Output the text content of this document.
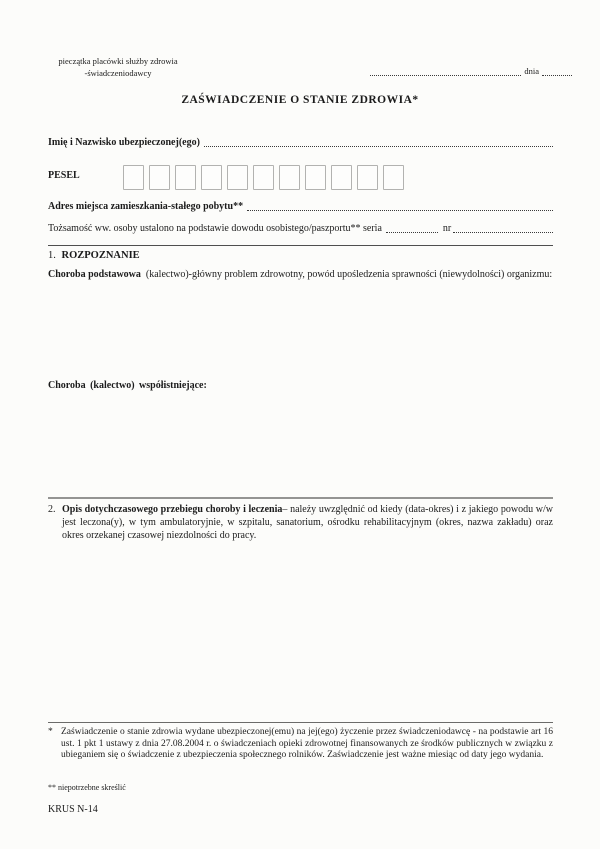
pieczątka placówki służby zdrowia
-świadczeniodawcy	dnia
ZAŚWIADCZENIE O STANIE ZDROWIA*
Imię i Nazwisko ubezpieczonej(ego)
PESEL
Adres miejsca zamieszkania-stałego pobytu**
Tożsamość ww. osoby ustalono na podstawie dowodu osobistego/paszportu** seria	nr
1. ROZPOZNANIE
Choroba podstawowa (kalectwo)-główny problem zdrowotny, powód upośledzenia sprawności (niewydolności) organizmu:
Choroba (kalectwo) współistniejące:
2. Opis dotychczasowego przebiegu choroby i leczenia– należy uwzględnić od kiedy (data-okres) i z jakiego powodu w/w jest leczona(y), w tym ambulatoryjnie, w szpitalu, sanatorium, ośrodku rehabilitacyjnym (okres, nazwa zakładu) oraz okres orzekanej czasowej niezdolności do pracy.
* Zaświadczenie o stanie zdrowia wydane ubezpieczonej(emu) na jej(ego) życzenie przez świadczeniodawcę - na podstawie art 16 ust. 1 pkt 1 ustawy z dnia 27.08.2004 r. o świadczeniach opieki zdrowotnej finansowanych ze środków publicznych w związku z ubieganiem się o świadczenie z ubezpieczenia społecznego rolników. Zaświadczenie jest ważne miesiąc od daty jego wydania.
** niepotrzebne skreślić
KRUS N-14
